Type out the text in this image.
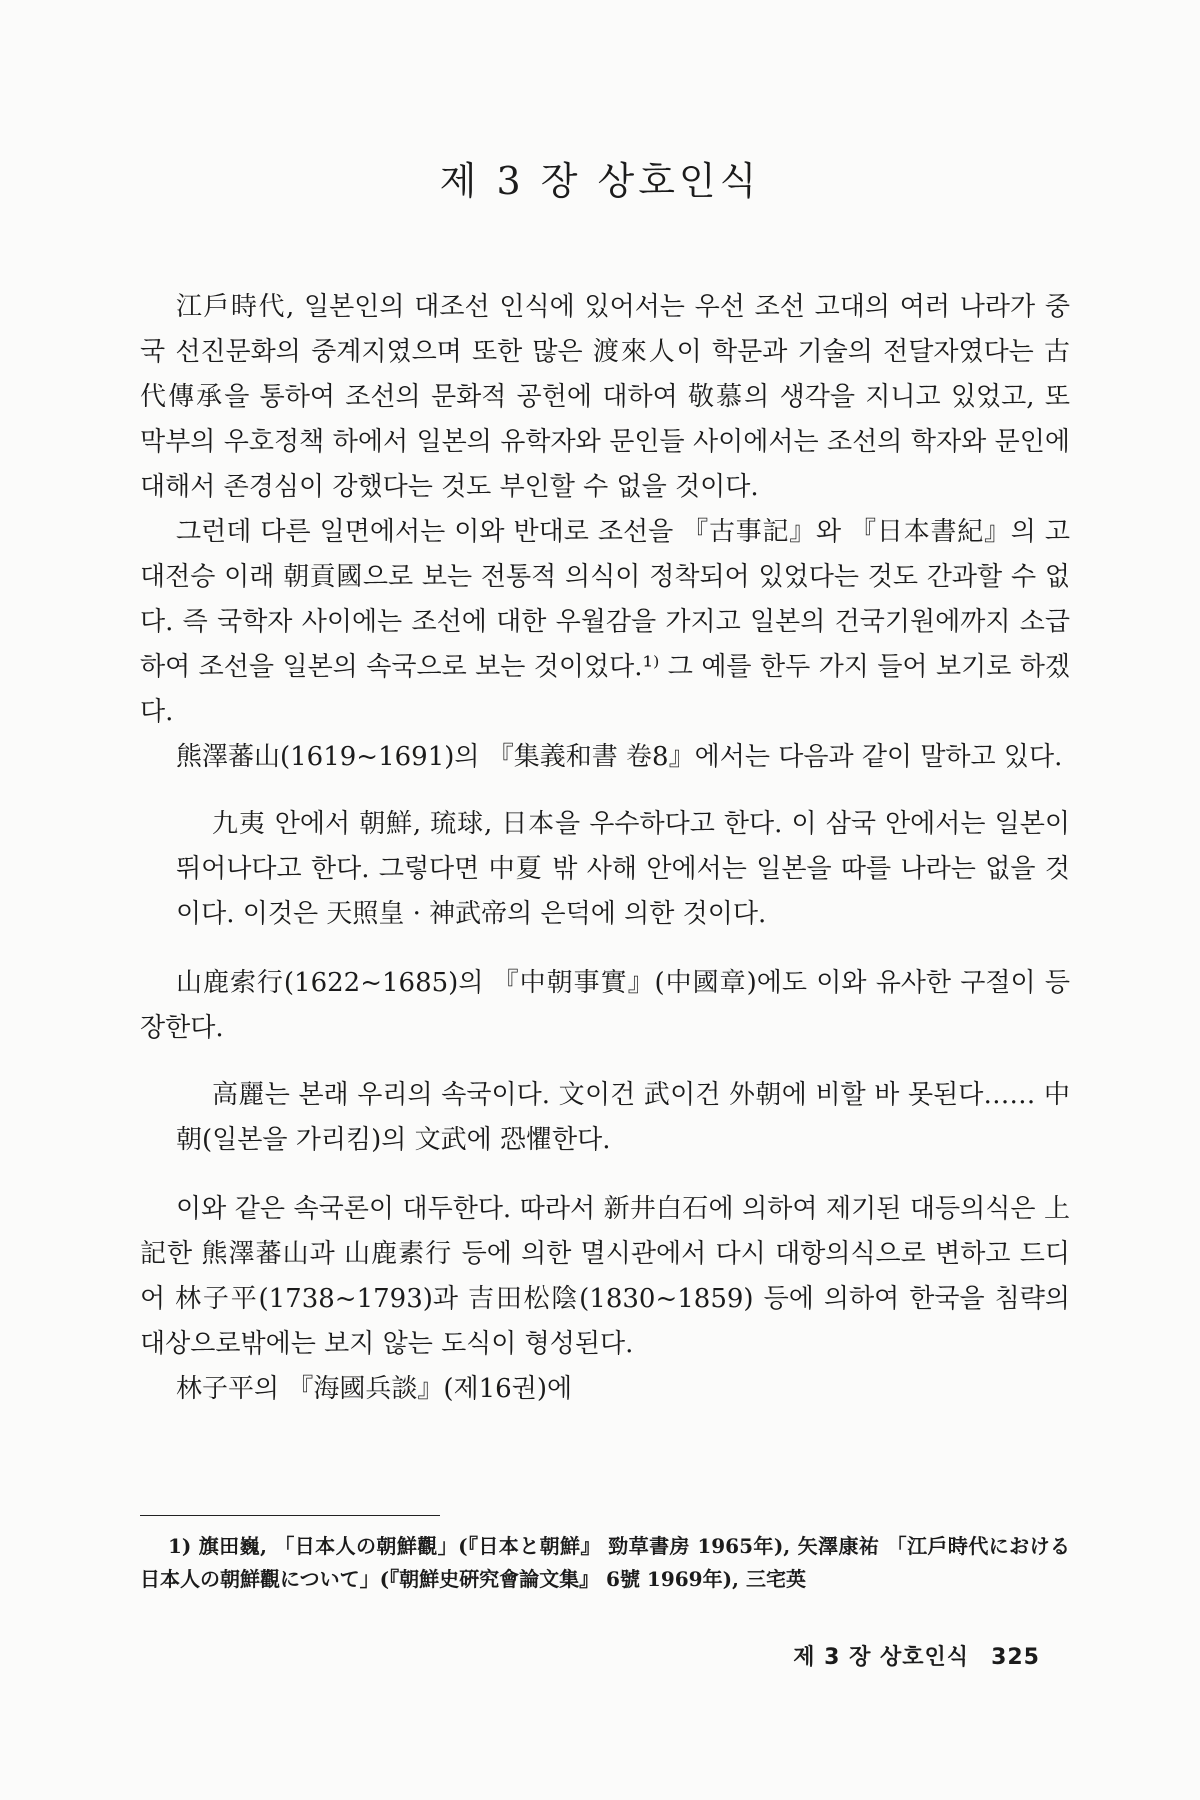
제 3 장 상호인식

江戶時代, 일본인의 대조선 인식에 있어서는 우선 조선 고대의 여러 나라가 중국 선진문화의 중계지였으며 또한 많은 渡來人이 학문과 기술의 전달자였다는 古代傳承을 통하여 조선의 문화적 공헌에 대하여 敬慕의 생각을 지니고 있었고, 또 막부의 우호정책 하에서 일본의 유학자와 문인들 사이에서는 조선의 학자와 문인에 대해서 존경심이 강했다는 것도 부인할 수 없을 것이다.

그런데 다른 일면에서는 이와 반대로 조선을 『古事記』와 『日本書紀』의 고대전승 이래 朝貢國으로 보는 전통적 의식이 정착되어 있었다는 것도 간과할 수 없다. 즉 국학자 사이에는 조선에 대한 우월감을 가지고 일본의 건국기원에까지 소급하여 조선을 일본의 속국으로 보는 것이었다.¹⁾ 그 예를 한두 가지 들어 보기로 하겠다.

熊澤蕃山(1619~1691)의 『集義和書 卷8』에서는 다음과 같이 말하고 있다.

九夷 안에서 朝鮮, 琉球, 日本을 우수하다고 한다. 이 삼국 안에서는 일본이 뛰어나다고 한다. 그렇다면 中夏 밖 사해 안에서는 일본을 따를 나라는 없을 것이다. 이것은 天照皇 · 神武帝의 은덕에 의한 것이다.

山鹿索行(1622~1685)의 『中朝事實』(中國章)에도 이와 유사한 구절이 등장한다.

高麗는 본래 우리의 속국이다. 文이건 武이건 外朝에 비할 바 못된다…… 中朝(일본을 가리킴)의 文武에 恐懼한다.

이와 같은 속국론이 대두한다. 따라서 新井白石에 의하여 제기된 대등의식은 上記한 熊澤蕃山과 山鹿素行 등에 의한 멸시관에서 다시 대항의식으로 변하고 드디어 林子平(1738~1793)과 吉田松陰(1830~1859) 등에 의하여 한국을 침략의 대상으로밖에는 보지 않는 도식이 형성된다.

林子平의 『海國兵談』(제16권)에

1) 旗田巍, 「日本人の朝鮮觀」(『日本と朝鮮』 勁草書房 1965年), 矢澤康祐 「江戶時代における日本人の朝鮮觀について」(『朝鮮史硏究會論文集』 6號 1969年), 三宅英

제 3 장 상호인식 325
